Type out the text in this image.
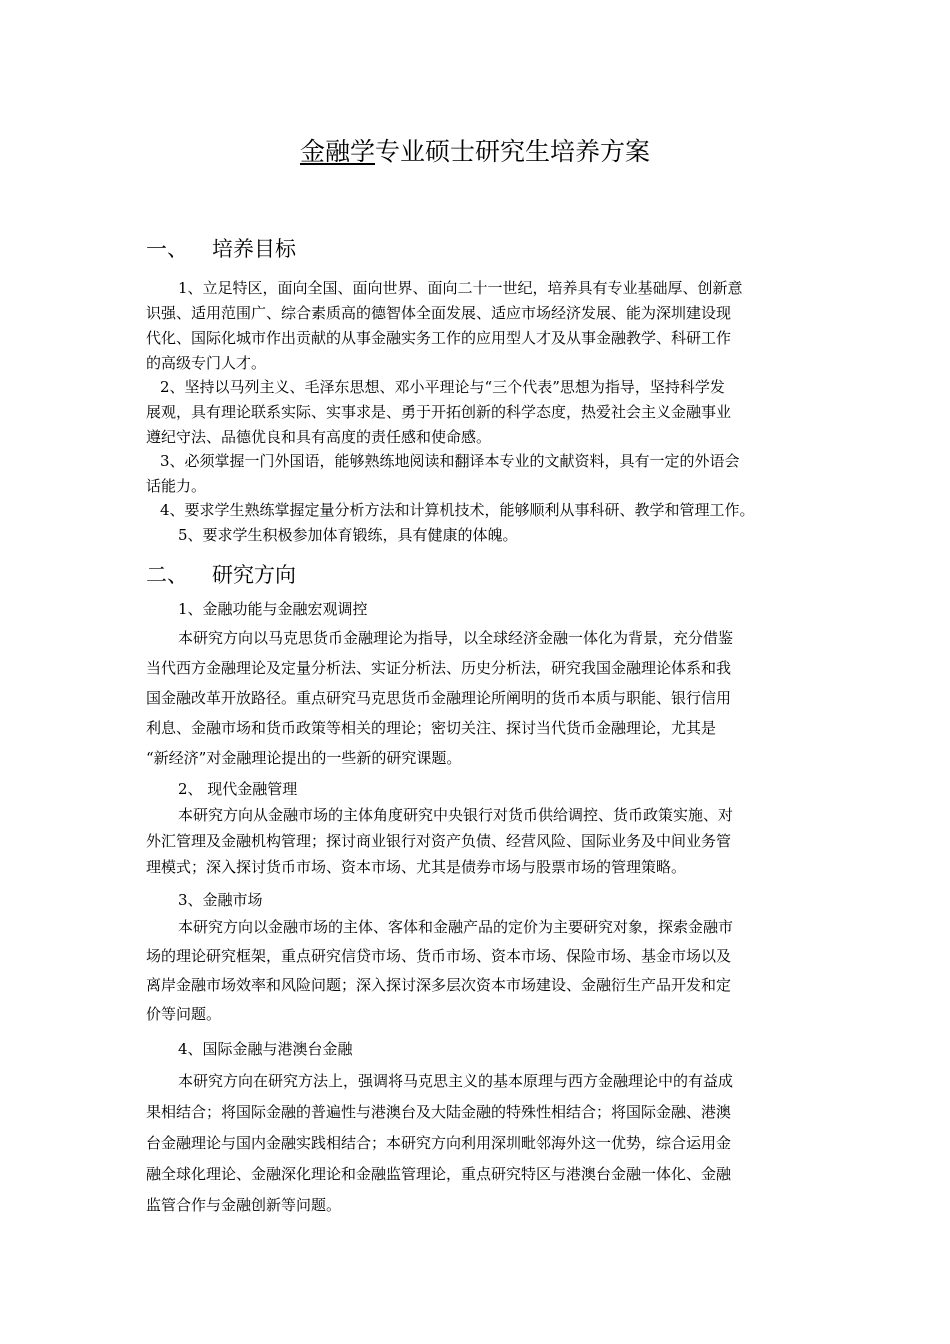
金融学专业硕士研究生培养方案
一、 培养目标
1、立足特区，面向全国、面向世界、面向二十一世纪，培养具有专业基础厚、创新意
识强、适用范围广、综合素质高的德智体全面发展、适应市场经济发展、能为深圳建设现
代化、国际化城市作出贡献的从事金融实务工作的应用型人才及从事金融教学、科研工作
的高级专门人才。
2、坚持以马列主义、毛泽东思想、邓小平理论与“三个代表”思想为指导，坚持科学发
展观，具有理论联系实际、实事求是、勇于开拓创新的科学态度，热爱社会主义金融事业
遵纪守法、品德优良和具有高度的责任感和使命感。
3、必须掌握一门外国语，能够熟练地阅读和翻译本专业的文献资料，具有一定的外语会
话能力。
4、要求学生熟练掌握定量分析方法和计算机技术，能够顺利从事科研、教学和管理工作。
5、要求学生积极参加体育锻练，具有健康的体魄。
二、 研究方向
1、金融功能与金融宏观调控
本研究方向以马克思货币金融理论为指导，以全球经济金融一体化为背景，充分借鉴
当代西方金融理论及定量分析法、实证分析法、历史分析法，研究我国金融理论体系和我
国金融改革开放路径。重点研究马克思货币金融理论所阐明的货币本质与职能、银行信用
利息、金融市场和货币政策等相关的理论；密切关注、探讨当代货币金融理论，尤其是
“新经济”对金融理论提出的一些新的研究课题。
2、 现代金融管理
本研究方向从金融市场的主体角度研究中央银行对货币供给调控、货币政策实施、对
外汇管理及金融机构管理；探讨商业银行对资产负债、经营风险、国际业务及中间业务管
理模式；深入探讨货币市场、资本市场、尤其是债券市场与股票市场的管理策略。
3、金融市场
本研究方向以金融市场的主体、客体和金融产品的定价为主要研究对象，探索金融市
场的理论研究框架，重点研究信贷市场、货币市场、资本市场、保险市场、基金市场以及
离岸金融市场效率和风险问题；深入探讨深多层次资本市场建设、金融衍生产品开发和定
价等问题。
4、国际金融与港澳台金融
本研究方向在研究方法上，强调将马克思主义的基本原理与西方金融理论中的有益成
果相结合；将国际金融的普遍性与港澳台及大陆金融的特殊性相结合；将国际金融、港澳
台金融理论与国内金融实践相结合；本研究方向利用深圳毗邻海外这一优势，综合运用金
融全球化理论、金融深化理论和金融监管理论，重点研究特区与港澳台金融一体化、金融
监管合作与金融创新等问题。
